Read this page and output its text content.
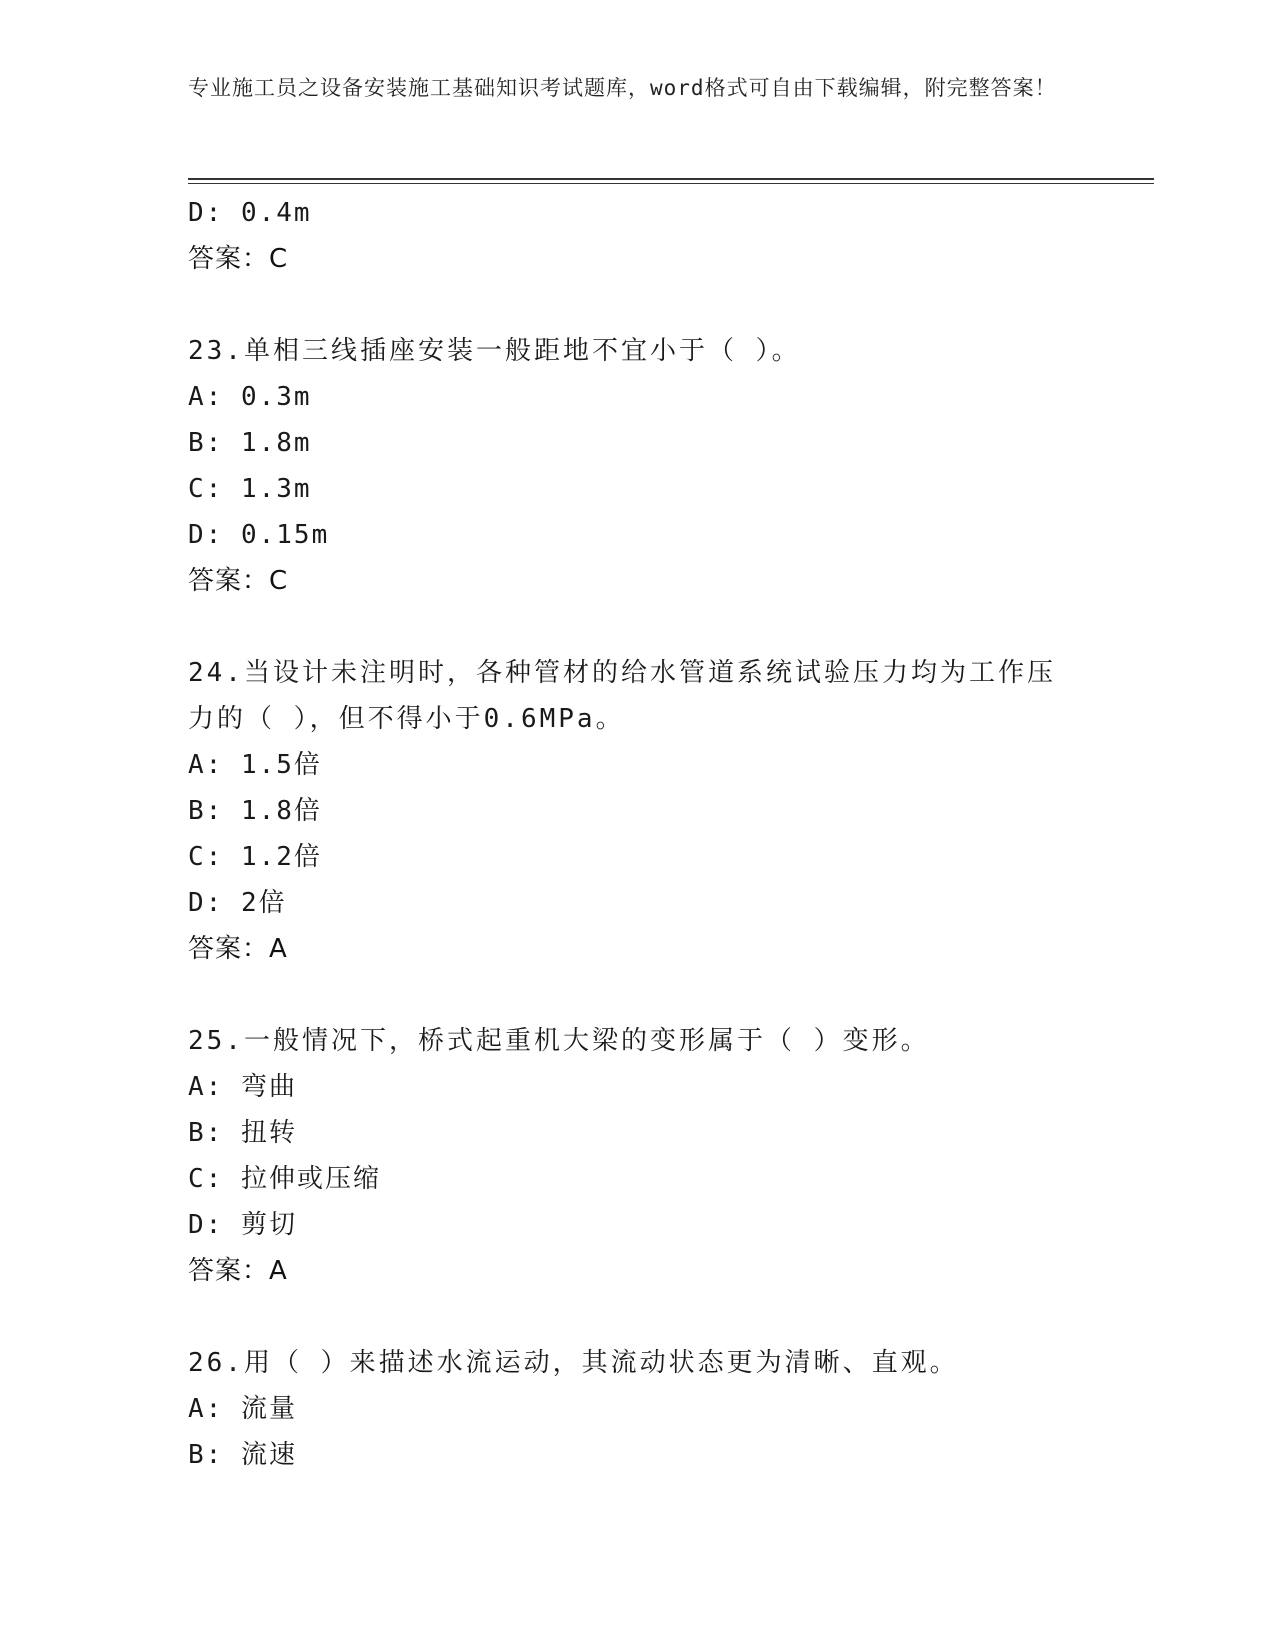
专业施工员之设备安装施工基础知识考试题库，word格式可自由下载编辑，附完整答案！
D: 0.4m
答案：C
23.单相三线插座安装一般距地不宜小于（ ）。
A: 0.3m
B: 1.8m
C: 1.3m
D: 0.15m
答案：C
24.当设计未注明时，各种管材的给水管道系统试验压力均为工作压力的（ ），但不得小于0.6MPa。
A: 1.5倍
B: 1.8倍
C: 1.2倍
D: 2倍
答案：A
25.一般情况下，桥式起重机大梁的变形属于（ ）变形。
A: 弯曲
B: 扭转
C: 拉伸或压缩
D: 剪切
答案：A
26.用（ ）来描述水流运动，其流动状态更为清晰、直观。
A: 流量
B: 流速
